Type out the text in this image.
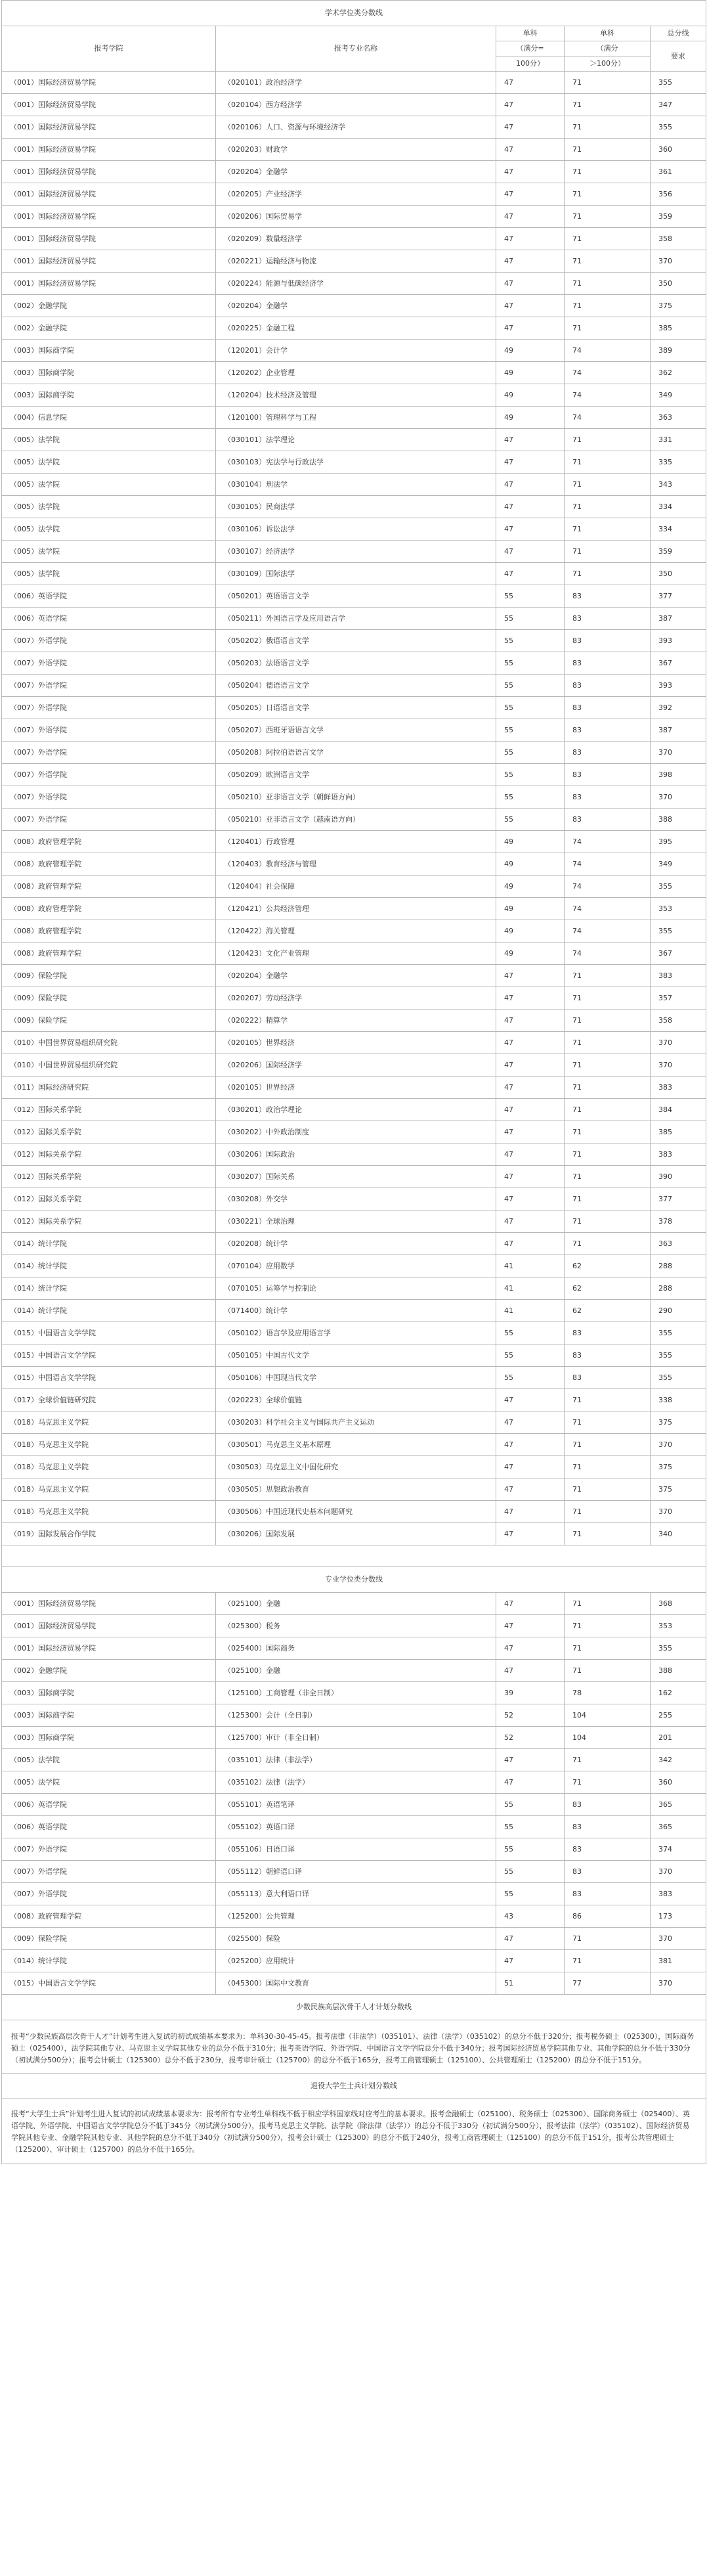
学术学位类分数线				
报考学院	报考专业名称	单科	单科	总分线
		（满分=	（满分	要求
		100分）	＞100分）	
（001）国际经济贸易学院	（020101）政治经济学	47	71	355
（001）国际经济贸易学院	（020104）西方经济学	47	71	347
（001）国际经济贸易学院	（020106）人口、资源与环境经济学	47	71	355
（001）国际经济贸易学院	（020203）财政学	47	71	360
（001）国际经济贸易学院	（020204）金融学	47	71	361
（001）国际经济贸易学院	（020205）产业经济学	47	71	356
（001）国际经济贸易学院	（020206）国际贸易学	47	71	359
（001）国际经济贸易学院	（020209）数量经济学	47	71	358
（001）国际经济贸易学院	（020221）运输经济与物流	47	71	370
（001）国际经济贸易学院	（020224）能源与低碳经济学	47	71	350
（002）金融学院	（020204）金融学	47	71	375
（002）金融学院	（020225）金融工程	47	71	385
（003）国际商学院	（120201）会计学	49	74	389
（003）国际商学院	（120202）企业管理	49	74	362
（003）国际商学院	（120204）技术经济及管理	49	74	349
（004）信息学院	（120100）管理科学与工程	49	74	363
（005）法学院	（030101）法学理论	47	71	331
（005）法学院	（030103）宪法学与行政法学	47	71	335
（005）法学院	（030104）刑法学	47	71	343
（005）法学院	（030105）民商法学	47	71	334
（005）法学院	（030106）诉讼法学	47	71	334
（005）法学院	（030107）经济法学	47	71	359
（005）法学院	（030109）国际法学	47	71	350
（006）英语学院	（050201）英语语言文学	55	83	377
（006）英语学院	（050211）外国语言学及应用语言学	55	83	387
（007）外语学院	（050202）俄语语言文学	55	83	393
（007）外语学院	（050203）法语语言文学	55	83	367
（007）外语学院	（050204）德语语言文学	55	83	393
（007）外语学院	（050205）日语语言文学	55	83	392
（007）外语学院	（050207）西班牙语语言文学	55	83	387
（007）外语学院	（050208）阿拉伯语语言文学	55	83	370
（007）外语学院	（050209）欧洲语言文学	55	83	398
（007）外语学院	（050210）亚非语言文学（朝鲜语方向）	55	83	370
（007）外语学院	（050210）亚非语言文学（越南语方向）	55	83	388
（008）政府管理学院	（120401）行政管理	49	74	395
（008）政府管理学院	（120403）教育经济与管理	49	74	349
（008）政府管理学院	（120404）社会保障	49	74	355
（008）政府管理学院	（120421）公共经济管理	49	74	353
（008）政府管理学院	（120422）海关管理	49	74	355
（008）政府管理学院	（120423）文化产业管理	49	74	367
（009）保险学院	（020204）金融学	47	71	383
（009）保险学院	（020207）劳动经济学	47	71	357
（009）保险学院	（020222）精算学	47	71	358
（010）中国世界贸易组织研究院	（020105）世界经济	47	71	370
（010）中国世界贸易组织研究院	（020206）国际经济学	47	71	370
（011）国际经济研究院	（020105）世界经济	47	71	383
（012）国际关系学院	（030201）政治学理论	47	71	384
（012）国际关系学院	（030202）中外政治制度	47	71	385
（012）国际关系学院	（030206）国际政治	47	71	383
（012）国际关系学院	（030207）国际关系	47	71	390
（012）国际关系学院	（030208）外交学	47	71	377
（012）国际关系学院	（030221）全球治理	47	71	378
（014）统计学院	（020208）统计学	47	71	363
（014）统计学院	（070104）应用数学	41	62	288
（014）统计学院	（070105）运筹学与控制论	41	62	288
（014）统计学院	（071400）统计学	41	62	290
（015）中国语言文学学院	（050102）语言学及应用语言学	55	83	355
（015）中国语言文学学院	（050105）中国古代文学	55	83	355
（015）中国语言文学学院	（050106）中国现当代文学	55	83	355
（017）全球价值链研究院	（020223）全球价值链	47	71	338
（018）马克思主义学院	（030203）科学社会主义与国际共产主义运动	47	71	375
（018）马克思主义学院	（030501）马克思主义基本原理	47	71	370
（018）马克思主义学院	（030503）马克思主义中国化研究	47	71	375
（018）马克思主义学院	（030505）思想政治教育	47	71	375
（018）马克思主义学院	（030506）中国近现代史基本问题研究	47	71	370
（019）国际发展合作学院	（030206）国际发展	47	71	340

专业学位类分数线				
（001）国际经济贸易学院	（025100）金融	47	71	368
（001）国际经济贸易学院	（025300）税务	47	71	353
（001）国际经济贸易学院	（025400）国际商务	47	71	355
（002）金融学院	（025100）金融	47	71	388
（003）国际商学院	（125100）工商管理（非全日制）	39	78	162
（003）国际商学院	（125300）会计（全日制）	52	104	255
（003）国际商学院	（125700）审计（非全日制）	52	104	201
（005）法学院	（035101）法律（非法学）	47	71	342
（005）法学院	（035102）法律（法学）	47	71	360
（006）英语学院	（055101）英语笔译	55	83	365
（006）英语学院	（055102）英语口译	55	83	365
（007）外语学院	（055106）日语口译	55	83	374
（007）外语学院	（055112）朝鲜语口译	55	83	370
（007）外语学院	（055113）意大利语口译	55	83	383
（008）政府管理学院	（125200）公共管理	43	86	173
（009）保险学院	（025500）保险	47	71	370
（014）统计学院	（025200）应用统计	47	71	381
（015）中国语言文学学院	（045300）国际中文教育	51	77	370
少数民族高层次骨干人才计划分数线				
报考“少数民族高层次骨干人才”计划考生进入复试的初试成绩基本要求为：单科30-30-45-45。报考法律（非法学）（035101）、法律（法学）（035102）的总分不低于320分；报考税务硕士（025300），国际商务硕士（025400），法学院其他专业、马克思主义学院其他专业的总分不低于310分；报考英语学院、外语学院、中国语言文学学院总分不低于340分；报考国际经济贸易学院其他专业、其他学院的总分不低于330分（初试满分500分）；报考会计硕士（125300）总分不低于230分，报考审计硕士（125700）的总分不低于165分，报考工商管理硕士（125100）、公共管理硕士（125200）的总分不低于151分。				
退役大学生士兵计划分数线				
报考“大学生士兵”计划考生进入复试的初试成绩基本要求为：报考所有专业考生单科线不低于相应学科国家线对应考生的基本要求。报考金融硕士（025100）、税务硕士（025300）、国际商务硕士（025400）、英语学院、外语学院、中国语言文学学院总分不低于345分（初试满分500分），报考马克思主义学院、法学院（除法律（法学））的总分不低于330分（初试满分500分），报考法律（法学）（035102）、国际经济贸易学院其他专业、金融学院其他专业、其他学院的总分不低于340分（初试满分500分），报考会计硕士（125300）的总分不低于240分，报考工商管理硕士（125100）的总分不低于151分，报考公共管理硕士（125200）、审计硕士（125700）的总分不低于165分。				
